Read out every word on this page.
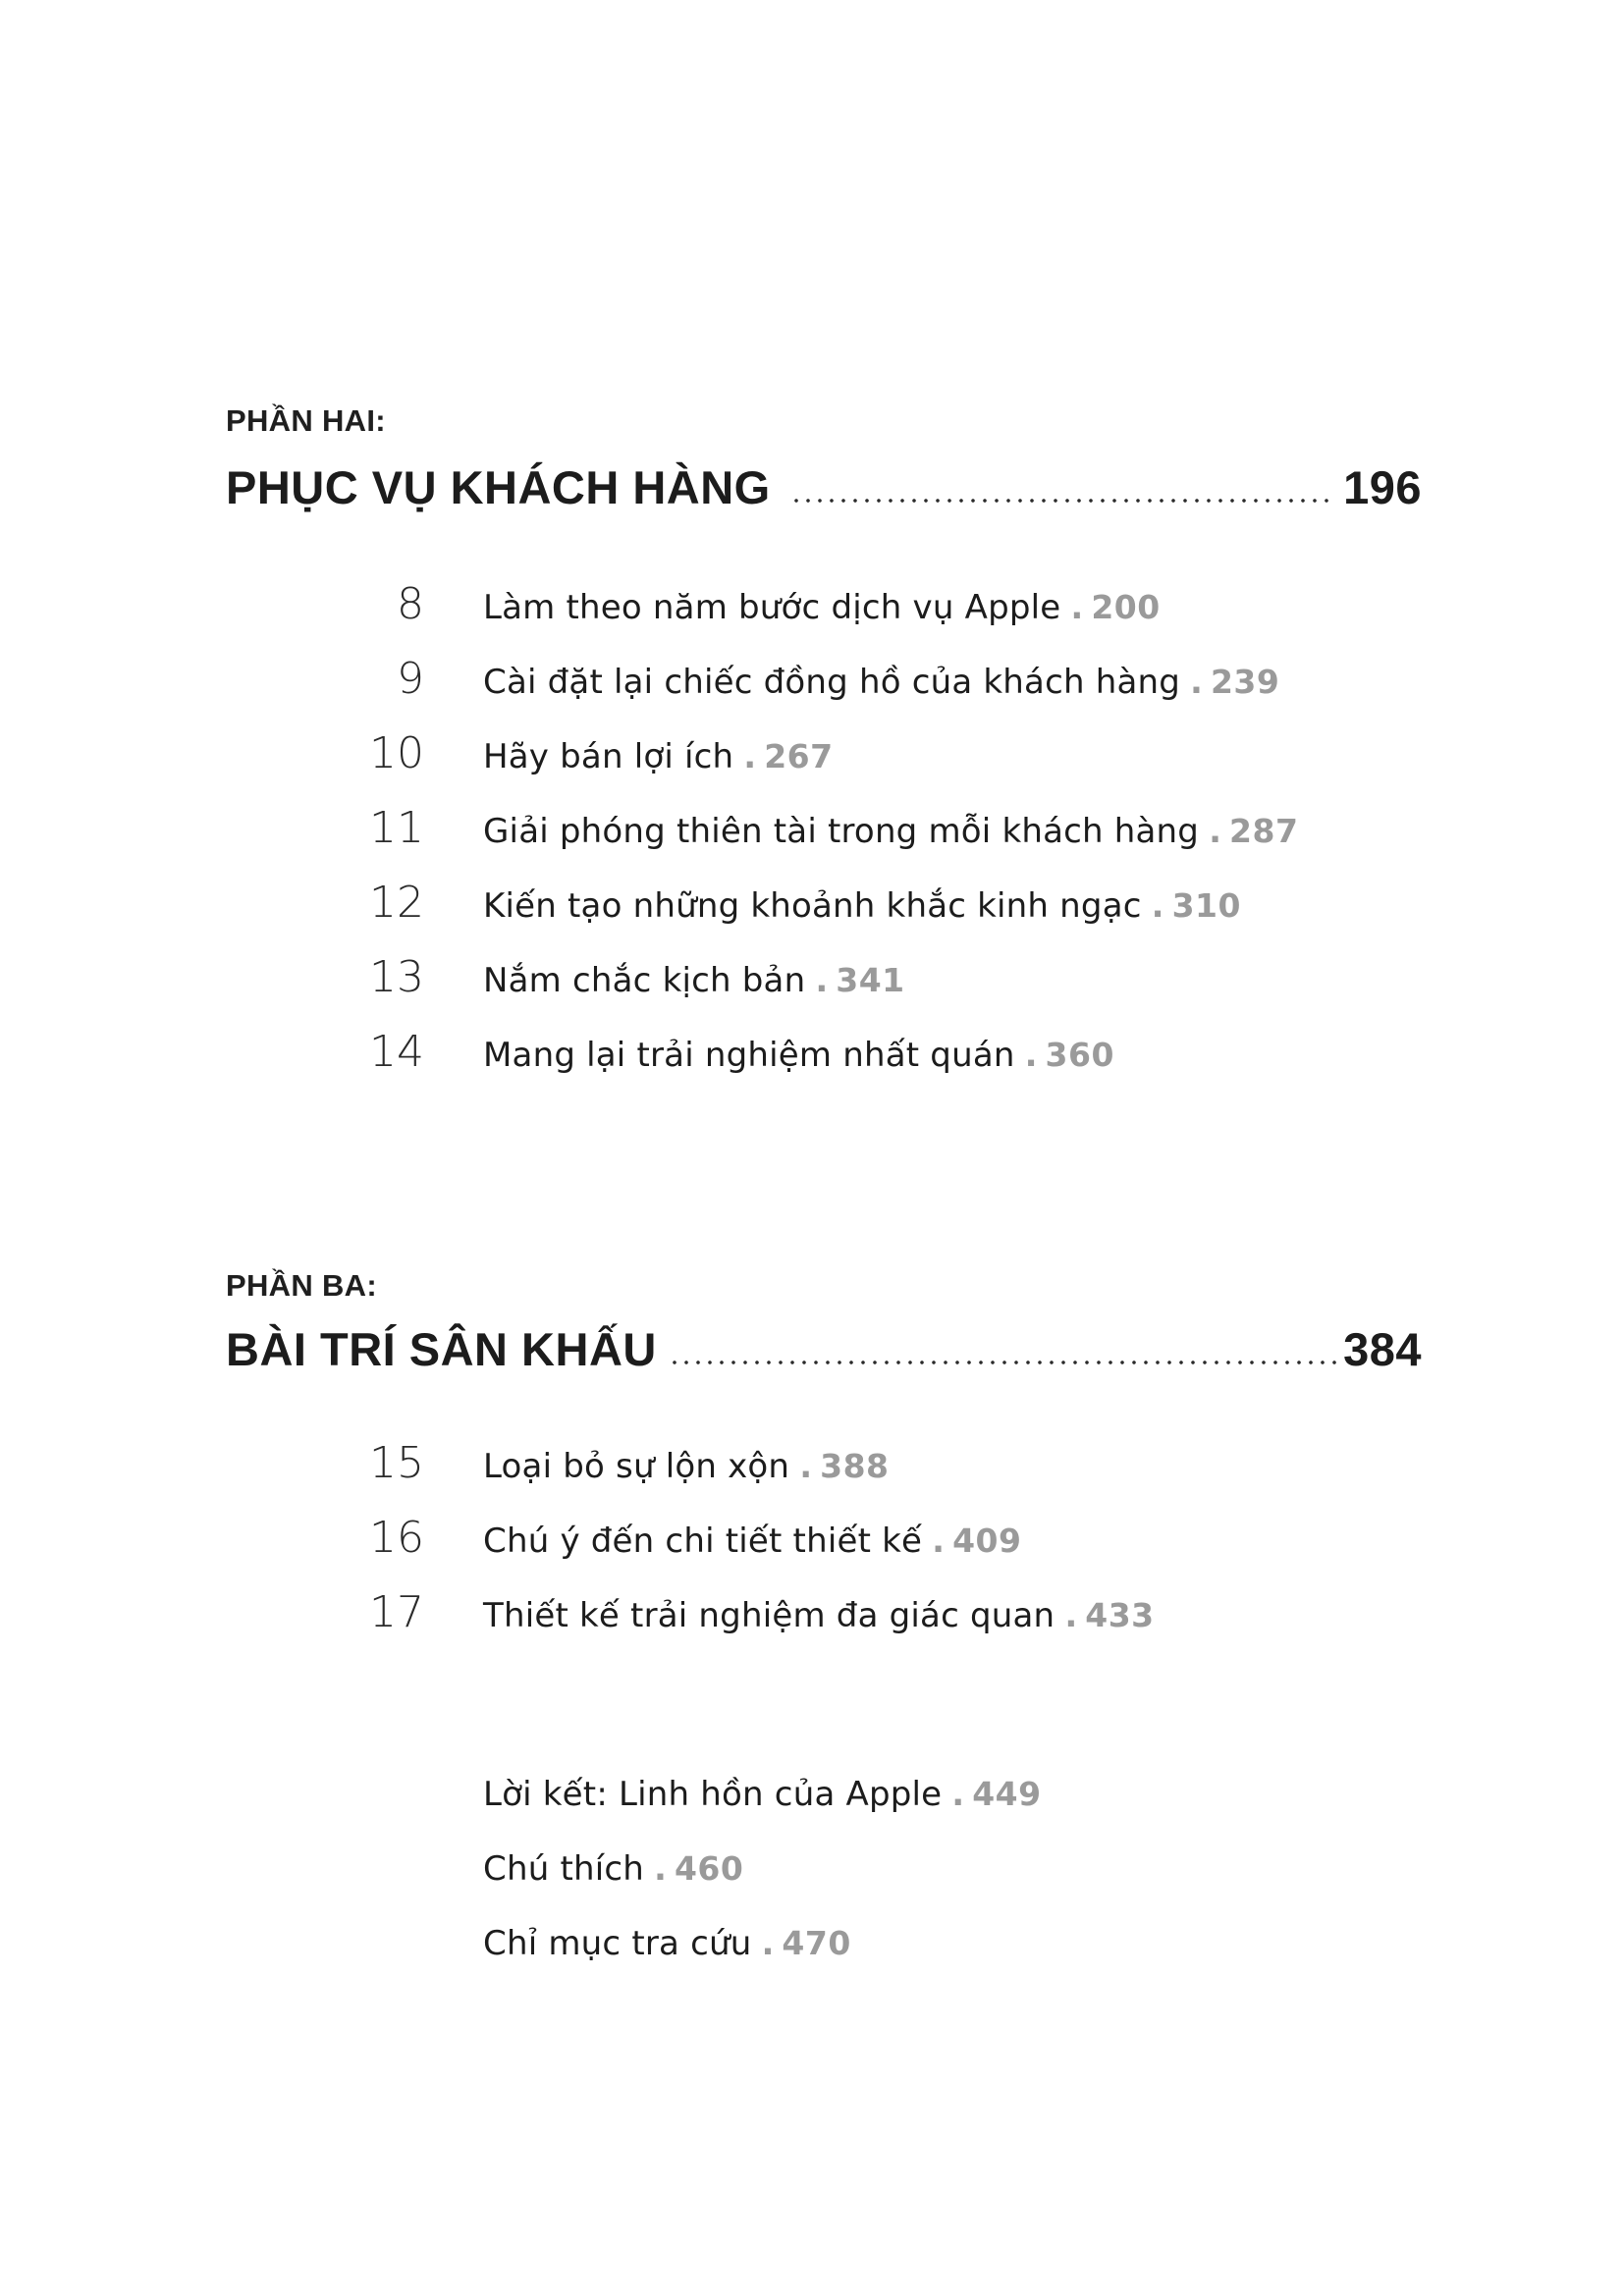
PHẦN HAI:
PHỤC VỤ KHÁCH HÀNG	196
8 Làm theo năm bước dịch vụ Apple . 200
9 Cài đặt lại chiếc đồng hồ của khách hàng . 239
10 Hãy bán lợi ích . 267
11 Giải phóng thiên tài trong mỗi khách hàng . 287
12 Kiến tạo những khoảnh khắc kinh ngạc . 310
13 Nắm chắc kịch bản . 341
14 Mang lại trải nghiệm nhất quán . 360
PHẦN BA:
BÀI TRÍ SÂN KHẤU	384
15 Loại bỏ sự lộn xộn . 388
16 Chú ý đến chi tiết thiết kế . 409
17 Thiết kế trải nghiệm đa giác quan . 433
Lời kết: Linh hồn của Apple . 449
Chú thích . 460
Chỉ mục tra cứu . 470
